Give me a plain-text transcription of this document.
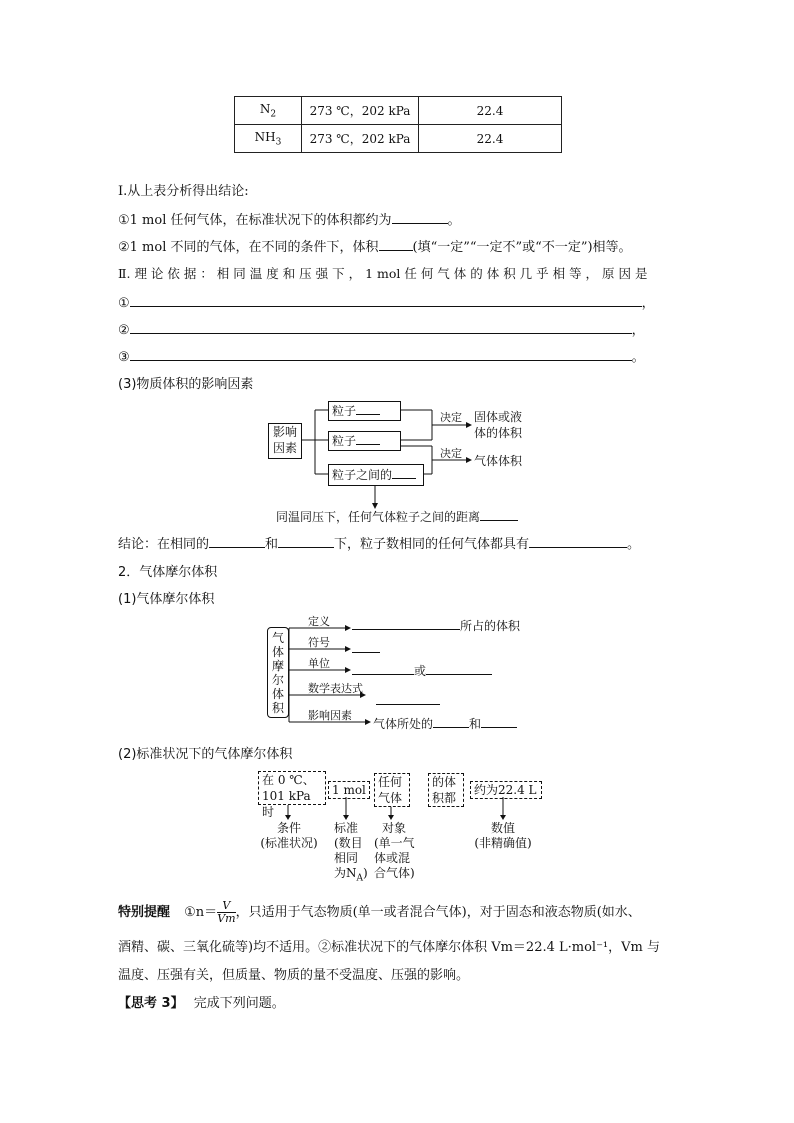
$N_2$	273 ℃，202 kPa	22.4
$NH_3$	273 ℃，202 kPa	22.4
Ⅰ.从上表分析得出结论:
①1 mol 任何气体，在标准状况下的体积都约为	。
②1 mol 不同的气体，在不同的条件下，体积	(填“一定”“一定不”或“不一定”)相等。
Ⅱ. 理 论 依 据 ： 相 同 温 度 和 压 强 下 ， 1 mol 任 何 气 体 的 体 积 几 乎 相 等 ， 原 因 是
①	，
②	，
③	。
(3)物质体积的影响因素
影响因素
粒子
粒子
粒子之间的
决定
决定
固体或液体的体积
气体体积
同温同压下，任何气体粒子之间的距离
结论：在相同的	和	下，粒子数相同的任何气体都具有	。
2．气体摩尔体积
(1)气体摩尔体积
气体摩尔体积
定义	所占的体积
符号
单位
或
数学表达式
影响因素
气体所处的	和
(2)标准状况下的气体摩尔体积
在 0 ℃、
101 kPa时
1 mol
任何
气体
的体
积都
约为22.4 L
条件
(标准状况)
标准
(数目
相同
为$N_A$)
对象
(单一气
体或混
合气体)
数值
(非精确值)
特别提醒 ①n＝ $\frac{V}{Vm}$ ，只适用于气态物质(单一或者混合气体)，对于固态和液态物质(如水、
酒精、碳、三氧化硫等)均不适用。②标准状况下的气体摩尔体积 Vm＝22.4 L·mol⁻¹，Vm 与
温度、压强有关，但质量、物质的量不受温度、压强的影响。
【思考 3】 完成下列问题。
